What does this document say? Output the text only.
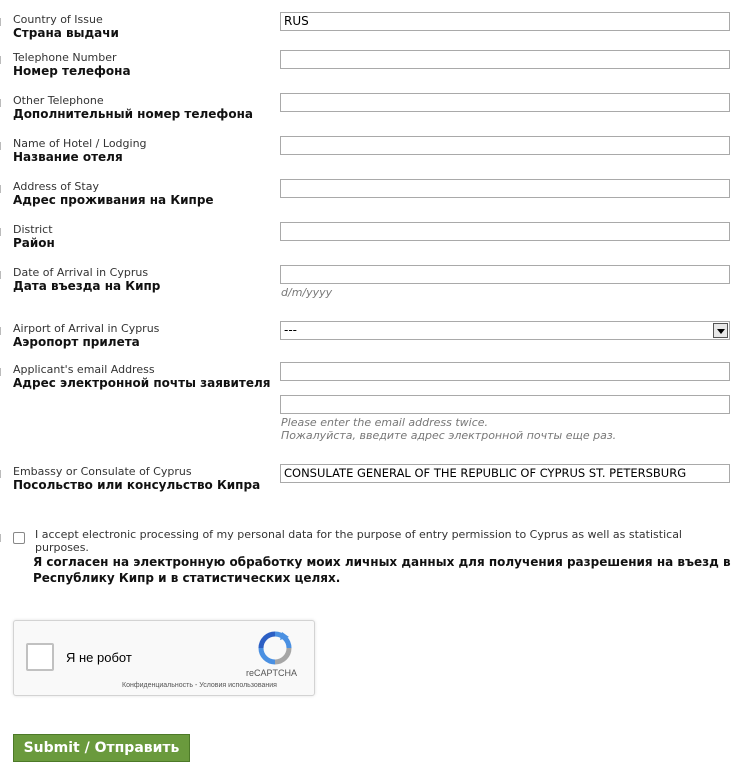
Country of Issue
Страна выдачи
RUS
Telephone Number
Номер телефона
Other Telephone
Дополнительный номер телефона
Name of Hotel / Lodging
Название отеля
Address of Stay
Адрес проживания на Кипре
District
Район
Date of Arrival in Cyprus
Дата въезда на Кипр	d/m/yyyy
Airport of Arrival in Cyprus
Аэропорт прилета
---
Applicant's email Address
Адрес электронной почты заявителя
Please enter the email address twice.
Пожалуйста, введите адрес электронной почты еще раз.
Embassy or Consulate of Cyprus
Посольство или консульство Кипра
CONSULATE GENERAL OF THE REPUBLIC OF CYPRUS ST. PETERSBURG
I accept electronic processing of my personal data for the purpose of entry permission to Cyprus as well as statistical purposes.
Я согласен на электронную обработку моих личных данных для получения разрешения на въезд в Республику Кипр и в статистических целях.
Я не робот
reCAPTCHA
Конфиденциальность - Условия использования
Submit / Отправить
